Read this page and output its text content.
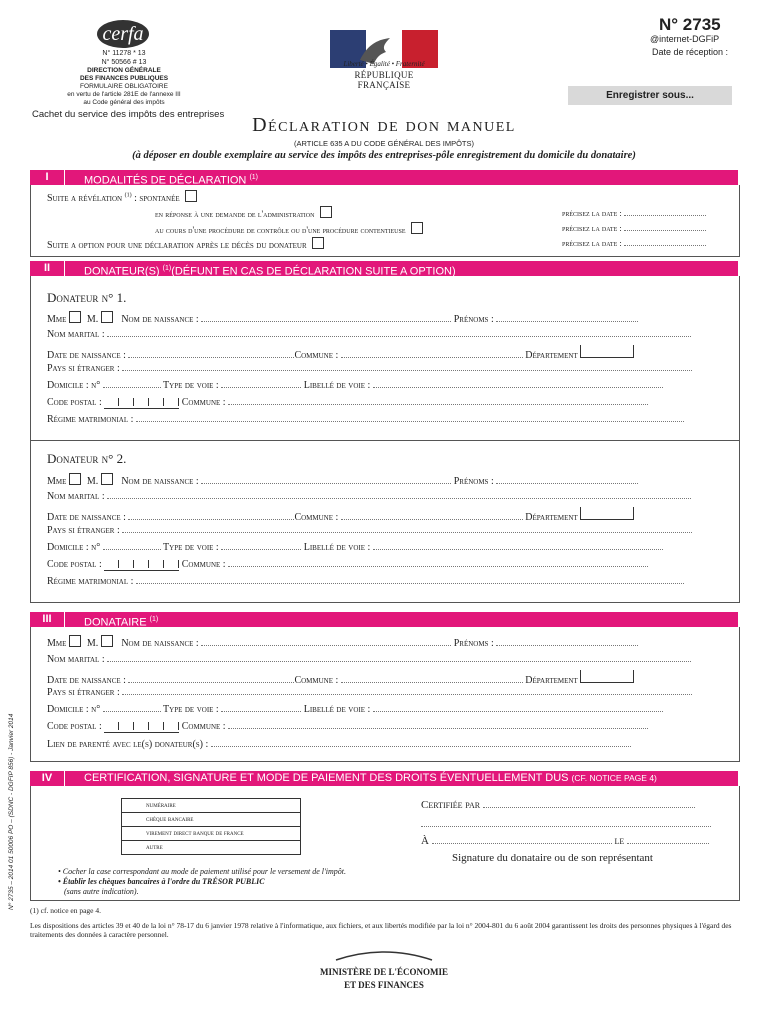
cerfa
N° 11278 * 13
N° 50566 # 13
DIRECTION GÉNÉRALE
DES FINANCES PUBLIQUES
FORMULAIRE OBLIGATOIRE
en vertu de l'article 281E de l'annexe III
au Code général des impôts
Cachet du service des impôts des entreprises
Liberté • Égalité • Fraternité
RÉPUBLIQUE FRANÇAISE
N° 2735
@internet-DGFiP
Date de réception :
Enregistrer sous...
Déclaration de don manuel
(ARTICLE 635 A DU CODE GÉNÉRAL DES IMPÔTS)
(à déposer en double exemplaire au service des impôts des entreprises-pôle enregistrement du domicile du donataire)
I	MODALITÉS DE DÉCLARATION $^{(1)}$
Suite a révélation $^{(1)}$ : spontanée
en réponse à une demande de l'administration
au cours d'une procédure de contrôle ou d'une procédure contentieuse
Suite a option pour une déclaration après le décès du donateur
précisez la date :
précisez la date :
précisez la date :
II	DONATEUR(S) $^{(1)}$(DÉFUNT EN CAS DE DÉCLARATION SUITE A OPTION)
Donateur n° 1.
Mme M. Nom de naissance :	Prénoms :
Nom marital :
Date de naissance :	Commune :	Département
Pays si étranger :
Domicile : n°	Type de voie :	Libellé de voie :
Code postal :	Commune :
Régime matrimonial :
Donateur n° 2.
Mme M. Nom de naissance :	Prénoms :
Nom marital :
Date de naissance :	Commune :	Département
Pays si étranger :
Domicile : n°	Type de voie :	Libellé de voie :
Code postal :	Commune :
Régime matrimonial :
III	DONATAIRE $^{(1)}$
Mme M. Nom de naissance :	Prénoms :
Nom marital :
Date de naissance :	Commune :	Département
Pays si étranger :
Domicile : n°	Type de voie :	Libellé de voie :
Code postal :	Commune :
Lien de parenté avec le(s) donateur(s) :
IV	CERTIFICATION, SIGNATURE ET MODE DE PAIEMENT DES DROITS ÉVENTUELLEMENT DUS (CF. NOTICE PAGE 4)
numéraire
chèque bancaire
virement direct banque de france
autre
Certifiée par
À	le
Signature du donataire ou de son représentant
• Cocher la case correspondant au mode de paiement utilisé pour le versement de l'impôt.
• Établir les chèques bancaires à l'ordre du TRÉSOR PUBLIC
(sans autre indication).
(1) cf. notice en page 4.
Les dispositions des articles 39 et 40 de la loi n° 78-17 du 6 janvier 1978 relative à l'informatique, aux fichiers, et aux libertés modifiée par la loi n° 2004-801 du 6 août 2004 garantissent les droits des personnes physiques à l'égard des traitements des données à caractère personnel.
MINISTÈRE DE L'ÉCONOMIE
ET DES FINANCES
N° 2735 – 2014 01 50006 PO – (SDNC - DGFIP 856) - Janvier 2014
